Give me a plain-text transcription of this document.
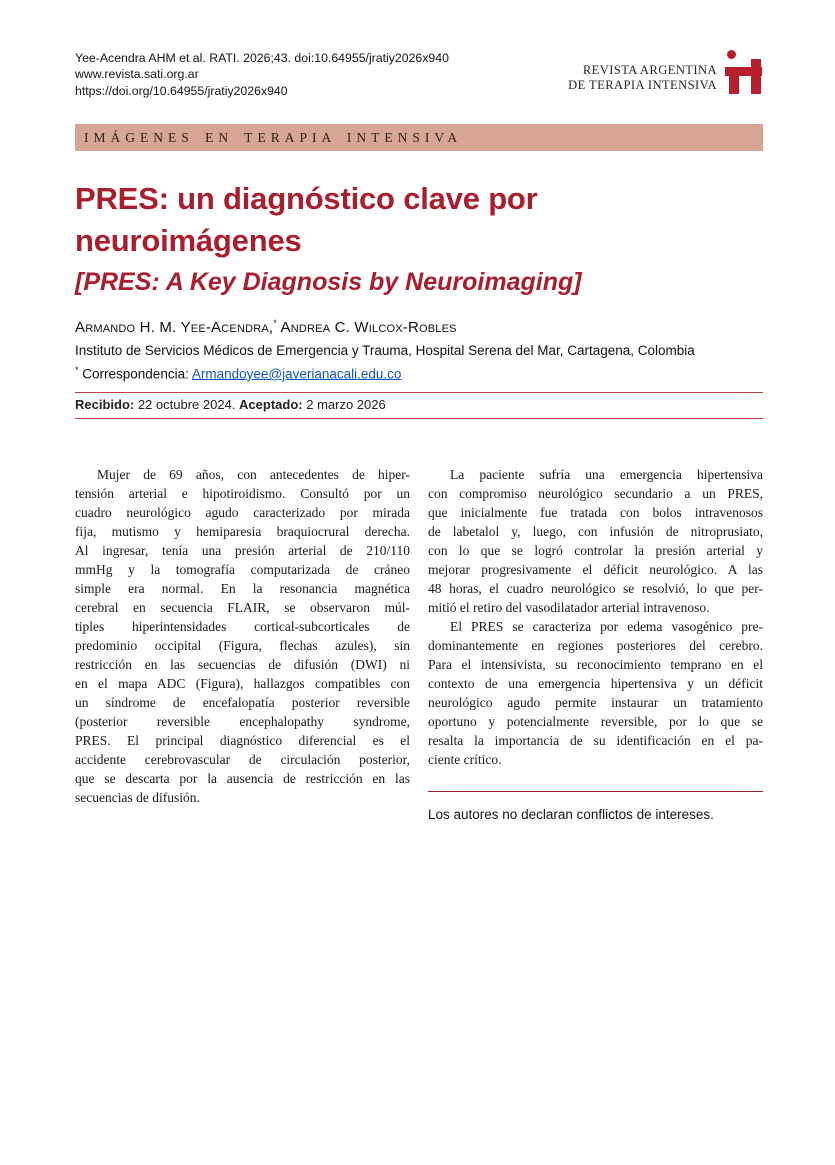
Yee-Acendra AHM et al. RATI. 2026;43. doi:10.64955/jratiy2026x940
www.revista.sati.org.ar
https://doi.org/10.64955/jratiy2026x940
REVISTA ARGENTINA
DE TERAPIA INTENSIVA
IMÁGENES EN TERAPIA INTENSIVA
PRES: un diagnóstico clave por neuroimágenes
[PRES: A Key Diagnosis by Neuroimaging]
Armando H. M. Yee-Acendra,* Andrea C. Wilcox-Robles
Instituto de Servicios Médicos de Emergencia y Trauma, Hospital Serena del Mar, Cartagena, Colombia
* Correspondencia: Armandoyee@javerianacali.edu.co
Recibido: 22 octubre 2024. Aceptado: 2 marzo 2026

Mujer de 69 años, con antecedentes de hiper-
tensión arterial e hipotiroidismo. Consultó por un
cuadro neurológico agudo caracterizado por mirada
fija, mutismo y hemiparesia braquiocrural derecha.
Al ingresar, tenía una presión arterial de 210/110
mmHg y la tomografía computarizada de cráneo
simple era normal. En la resonancia magnética
cerebral en secuencia FLAIR, se observaron múl-
tiples hiperintensidades cortical-subcorticales de
predominio occipital (Figura, flechas azules), sin
restricción en las secuencias de difusión (DWI) ni
en el mapa ADC (Figura), hallazgos compatibles con
un síndrome de encefalopatía posterior reversible
(posterior reversible encephalopathy syndrome,
PRES. El principal diagnóstico diferencial es el
accidente cerebrovascular de circulación posterior,
que se descarta por la ausencia de restricción en las
secuencias de difusión.

La paciente sufría una emergencia hipertensiva
con compromiso neurológico secundario a un PRES,
que inicialmente fue tratada con bolos intravenosos
de labetalol y, luego, con infusión de nitroprusiato,
con lo que se logró controlar la presión arterial y
mejorar progresivamente el déficit neurológico. A las
48 horas, el cuadro neurológico se resolvió, lo que per-
mitió el retiro del vasodilatador arterial intravenoso.

El PRES se caracteriza por edema vasogénico pre-
dominantemente en regiones posteriores del cerebro.
Para el intensivista, su reconocimiento temprano en el
contexto de una emergencia hipertensiva y un déficit
neurológico agudo permite instaurar un tratamiento
oportuno y potencialmente reversible, por lo que se
resalta la importancia de su identificación en el pa-
ciente crítico.

Los autores no declaran conflictos de intereses.
